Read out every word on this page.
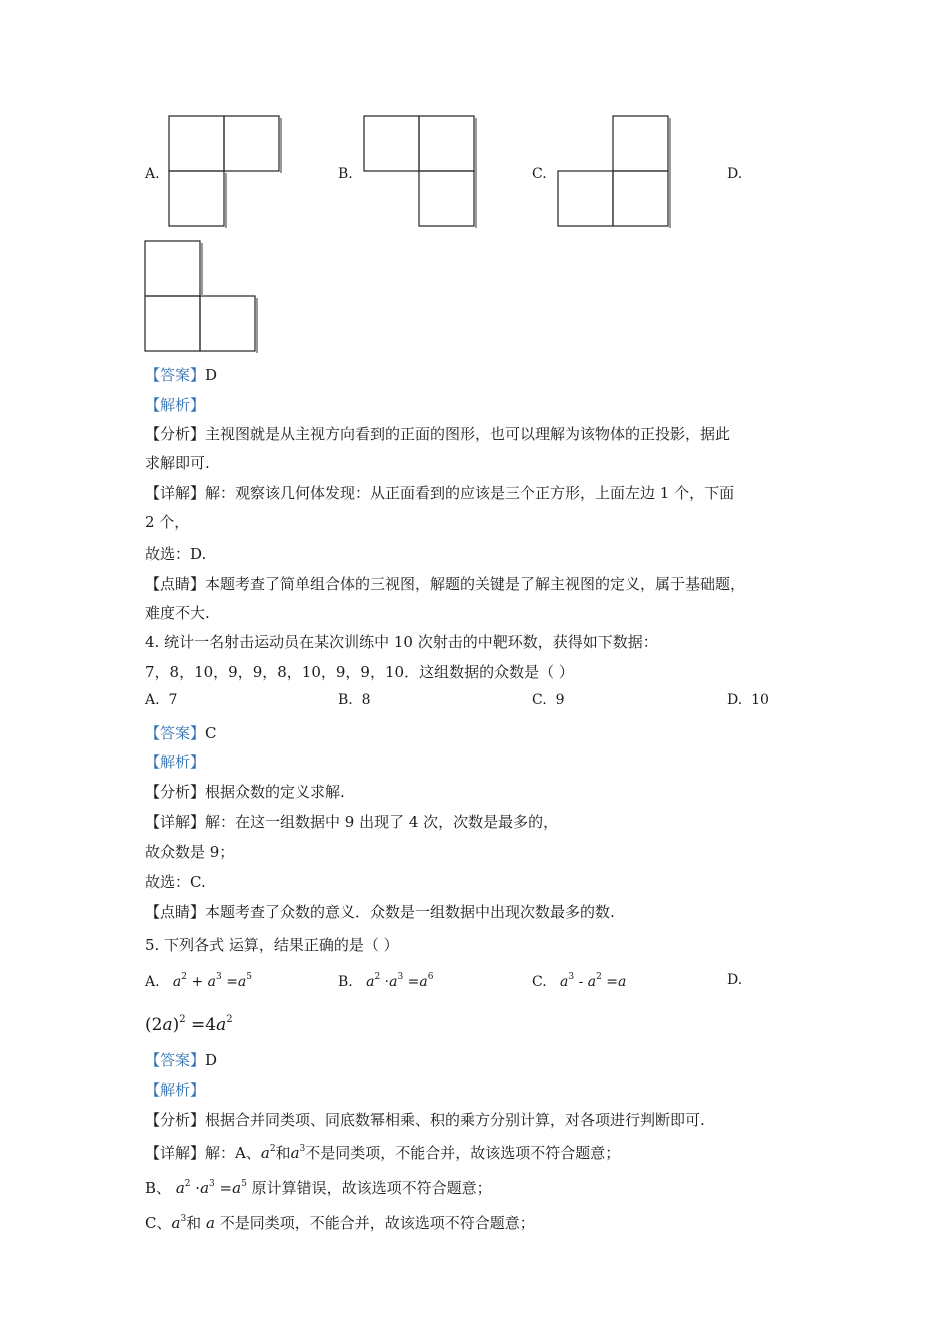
A.	B.	C.	D.
【答案】D
【解析】
【分析】主视图就是从主视方向看到的正面的图形，也可以理解为该物体的正投影，据此
求解即可.
【详解】解：观察该几何体发现：从正面看到的应该是三个正方形，上面左边 1 个，下面
2 个，
故选：D.
【点睛】本题考查了简单组合体的三视图，解题的关键是了解主视图的定义，属于基础题，
难度不大.
4. 统计一名射击运动员在某次训练中 10 次射击的中靶环数，获得如下数据：
7，8，10，9，9，8，10，9，9，10．这组数据的众数是（ ）
A. 7	B. 8	C. 9	D. 10
【答案】C
【解析】
【分析】根据众数的定义求解.
【详解】解：在这一组数据中 9 出现了 4 次，次数是最多的，
故众数是 9；
故选：C.
【点睛】本题考查了众数的意义．众数是一组数据中出现次数最多的数.
5. 下列各式 运算，结果正确的是（ ）
A. $a^2 + a^3 =a^5$	B. $a^2 \cdot a^3 =a^6$	C. $a^3 - a^2 =a$	D.
$(2a)^2 =4a^2$
【答案】D
【解析】
【分析】根据合并同类项、同底数幂相乘、积的乘方分别计算，对各项进行判断即可.
【详解】解：A、$a^2$和$a^3$不是同类项，不能合并，故该选项不符合题意；
B、 $a^2 \cdot a^3 =a^5$ 原计算错误，故该选项不符合题意；
C、$a^3$和 a 不是同类项，不能合并，故该选项不符合题意；
